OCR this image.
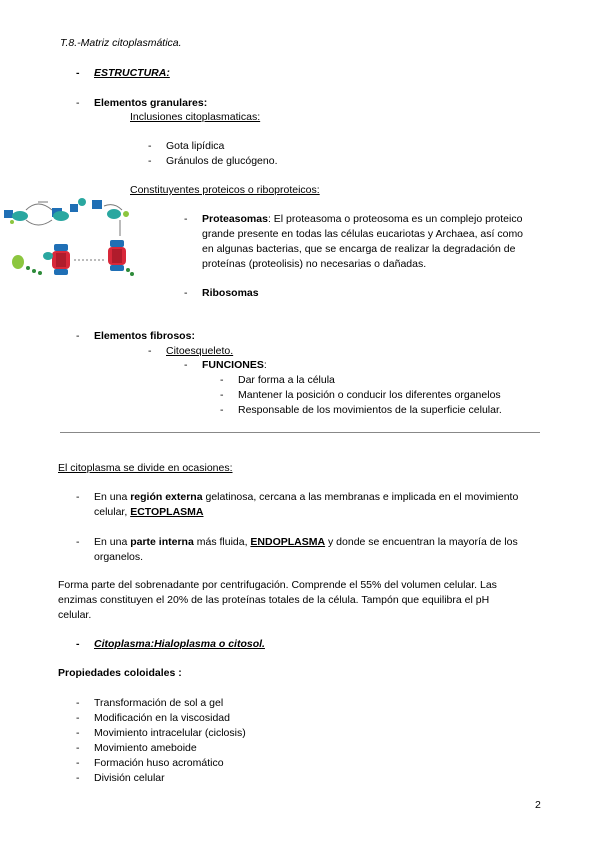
T.8.-Matriz citoplasmática.
- ESTRUCTURA:
- Elementos granulares:
Inclusiones citoplasmaticas:
- Gota lipídica
- Gránulos de glucógeno.
Constituyentes proteicos o riboproteicos:
- Proteasomas: El proteasoma o proteosoma es un complejo proteico
grande presente en todas las células eucariotas y Archaea, así como
en algunas bacterias, que se encarga de realizar la degradación de
proteínas (proteolisis) no necesarias o dañadas.
- Ribosomas
- Elementos fibrosos:
- Citoesqueleto.
- FUNCIONES:
- Dar forma a la célula
- Mantener la posición o conducir los diferentes organelos
- Responsable de los movimientos de la superficie celular.
El citoplasma se divide en ocasiones:
- En una región externa gelatinosa, cercana a las membranas e implicada en el movimiento
celular, ECTOPLASMA
- En una parte interna más fluida, ENDOPLASMA y donde se encuentran la mayoría de los
organelos.
Forma parte del sobrenadante por centrifugación. Comprende el 55% del volumen celular. Las
enzimas constituyen el 20% de las proteínas totales de la célula. Tampón que equilibra el pH
celular.
- Citoplasma:Hialoplasma o citosol.
Propiedades coloidales :
- Transformación de sol a gel
- Modificación en la viscosidad
- Movimiento intracelular (ciclosis)
- Movimiento ameboide
- Formación huso acromático
- División celular
2
